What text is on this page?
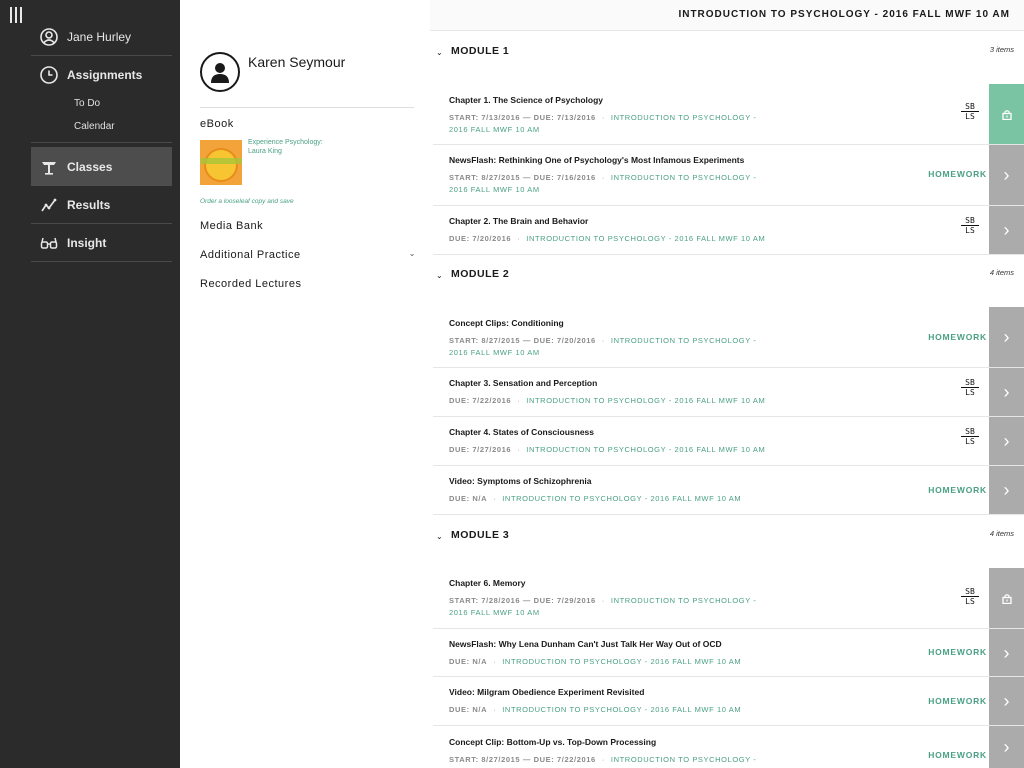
Jane Hurley
Assignments
To Do
Calendar
Classes
Results
Insight
Karen Seymour
eBook
Experience Psychology:
Laura King
Order a looseleaf copy and save
Media Bank
Additional Practice	⌄
Recorded Lectures
INTRODUCTION TO PSYCHOLOGY - 2016 FALL MWF 10 AM
⌄ MODULE 1	3 items
Chapter 1. The Science of Psychology
START: 7/13/2016 — DUE: 7/13/2016 · INTRODUCTION TO PSYCHOLOGY -
2016 FALL MWF 10 AM
SB
LS
NewsFlash: Rethinking One of Psychology's Most Infamous Experiments
START: 8/27/2015 — DUE: 7/16/2016 · INTRODUCTION TO PSYCHOLOGY -
2016 FALL MWF 10 AM
HOMEWORK ›
Chapter 2. The Brain and Behavior
DUE: 7/20/2016 · INTRODUCTION TO PSYCHOLOGY - 2016 FALL MWF 10 AM
SB
LS ›
⌄ MODULE 2	4 items
Concept Clips: Conditioning
START: 8/27/2015 — DUE: 7/20/2016 · INTRODUCTION TO PSYCHOLOGY -
2016 FALL MWF 10 AM
HOMEWORK ›
Chapter 3. Sensation and Perception
DUE: 7/22/2016 · INTRODUCTION TO PSYCHOLOGY - 2016 FALL MWF 10 AM
SB
LS ›
Chapter 4. States of Consciousness
DUE: 7/27/2016 · INTRODUCTION TO PSYCHOLOGY - 2016 FALL MWF 10 AM
SB
LS ›
Video: Symptoms of Schizophrenia
DUE: N/A · INTRODUCTION TO PSYCHOLOGY - 2016 FALL MWF 10 AM
HOMEWORK ›
⌄ MODULE 3	4 items
Chapter 6. Memory
START: 7/28/2016 — DUE: 7/29/2016 · INTRODUCTION TO PSYCHOLOGY -
2016 FALL MWF 10 AM
SB
LS
NewsFlash: Why Lena Dunham Can't Just Talk Her Way Out of OCD
DUE: N/A · INTRODUCTION TO PSYCHOLOGY - 2016 FALL MWF 10 AM
HOMEWORK ›
Video: Milgram Obedience Experiment Revisited
DUE: N/A · INTRODUCTION TO PSYCHOLOGY - 2016 FALL MWF 10 AM
HOMEWORK ›
Concept Clip: Bottom-Up vs. Top-Down Processing
START: 8/27/2015 — DUE: 7/22/2016 · INTRODUCTION TO PSYCHOLOGY -	HOMEWORK ›
